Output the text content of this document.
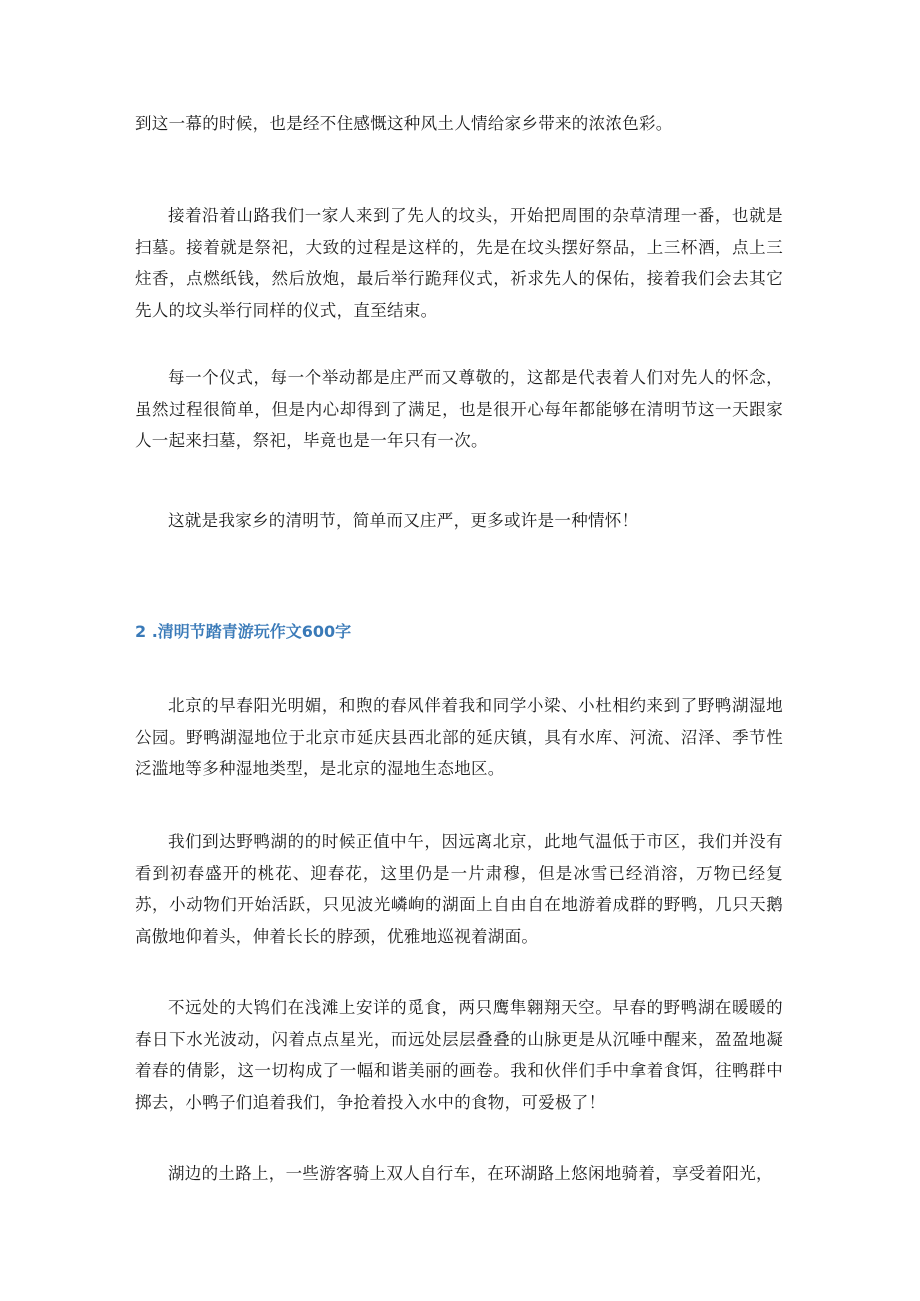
到这一幕的时候，也是经不住感慨这种风土人情给家乡带来的浓浓色彩。

接着沿着山路我们一家人来到了先人的坟头，开始把周围的杂草清理一番，也就是扫墓。接着就是祭祀，大致的过程是这样的，先是在坟头摆好祭品，上三杯酒，点上三炷香，点燃纸钱，然后放炮，最后举行跪拜仪式，祈求先人的保佑，接着我们会去其它先人的坟头举行同样的仪式，直至结束。

每一个仪式，每一个举动都是庄严而又尊敬的，这都是代表着人们对先人的怀念，虽然过程很简单，但是内心却得到了满足，也是很开心每年都能够在清明节这一天跟家人一起来扫墓，祭祀，毕竟也是一年只有一次。

这就是我家乡的清明节，简单而又庄严，更多或许是一种情怀！

2 .清明节踏青游玩作文600字

北京的早春阳光明媚，和煦的春风伴着我和同学小梁、小杜相约来到了野鸭湖湿地公园。野鸭湖湿地位于北京市延庆县西北部的延庆镇，具有水库、河流、沼泽、季节性泛滥地等多种湿地类型，是北京的湿地生态地区。

我们到达野鸭湖的的时候正值中午，因远离北京，此地气温低于市区，我们并没有看到初春盛开的桃花、迎春花，这里仍是一片肃穆，但是冰雪已经消溶，万物已经复苏，小动物们开始活跃，只见波光嶙峋的湖面上自由自在地游着成群的野鸭，几只天鹅高傲地仰着头，伸着长长的脖颈，优雅地巡视着湖面。

不远处的大鸨们在浅滩上安详的觅食，两只鹰隼翱翔天空。早春的野鸭湖在暖暖的春日下水光波动，闪着点点星光，而远处层层叠叠的山脉更是从沉唾中醒来，盈盈地凝着春的倩影，这一切构成了一幅和谐美丽的画卷。我和伙伴们手中拿着食饵，往鸭群中掷去，小鸭子们追着我们，争抢着投入水中的食物，可爱极了！

湖边的土路上，一些游客骑上双人自行车，在环湖路上悠闲地骑着，享受着阳光，
